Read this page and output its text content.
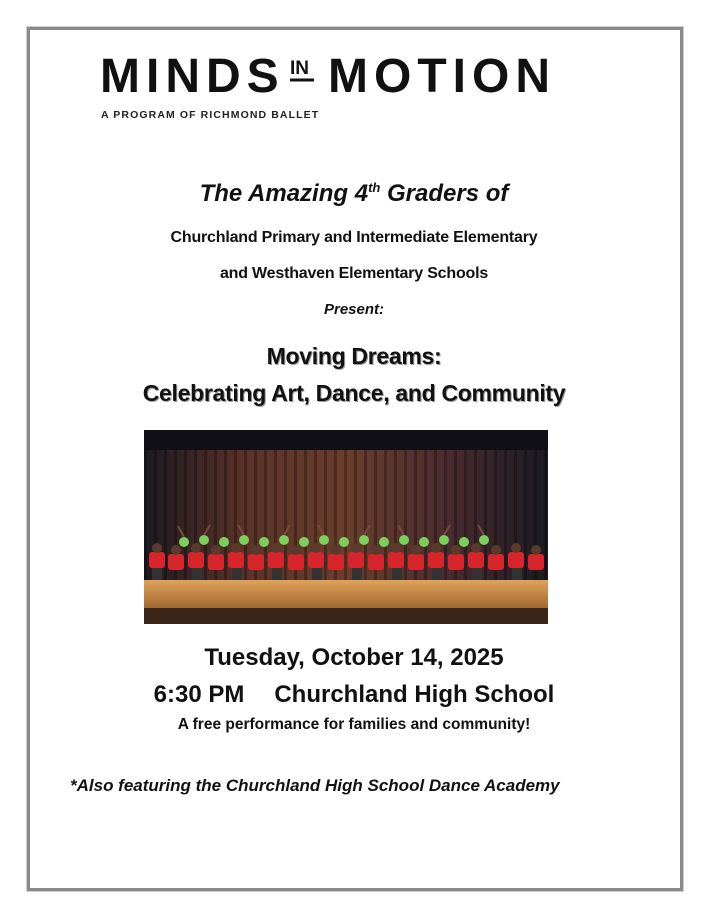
MINDS IN MOTION
A PROGRAM OF RICHMOND BALLET
The Amazing 4th Graders of
Churchland Primary and Intermediate Elementary
and Westhaven Elementary Schools
Present:
Moving Dreams:
Celebrating Art, Dance, and Community
Tuesday, October 14, 2025
6:30 PM Churchland High School
A free performance for families and community!
*Also featuring the Churchland High School Dance Academy
